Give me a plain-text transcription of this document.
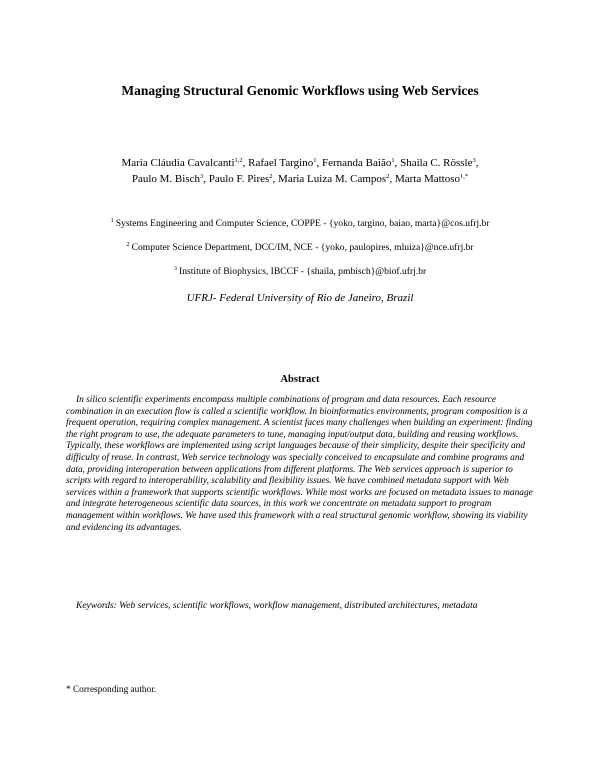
Managing Structural Genomic Workflows using Web Services
Maria Cláudia Cavalcanti$^{1,2}$, Rafael Targino$^1$, Fernanda Baião$^1$, Shaila C. Rössle$^3$,
Paulo M. Bisch$^3$, Paulo F. Pires$^2$, Maria Luiza M. Campos$^2$, Marta Mattoso$^{1,*}$
$^1$ Systems Engineering and Computer Science, COPPE - {yoko, targino, baiao, marta}@cos.ufrj.br
$^2$ Computer Science Department, DCC/IM, NCE - {yoko, paulopires, mluiza}@nce.ufrj.br
$^3$ Institute of Biophysics, IBCCF - {shaila, pmbisch}@biof.ufrj.br
UFRJ- Federal University of Rio de Janeiro, Brazil
Abstract

In silico scientific experiments encompass multiple combinations of program and data resources. Each resource combination in an execution flow is called a scientific workflow. In bioinformatics environments, program composition is a frequent operation, requiring complex management. A scientist faces many challenges when building an experiment: finding the right program to use, the adequate parameters to tune, managing input/output data, building and reusing workflows. Typically, these workflows are implemented using script languages because of their simplicity, despite their specificity and difficulty of reuse. In contrast, Web service technology was specially conceived to encapsulate and combine programs and data, providing interoperation between applications from different platforms. The Web services approach is superior to scripts with regard to interoperability, scalability and flexibility issues. We have combined metadata support with Web services within a framework that supports scientific workflows. While most works are focused on metadata issues to manage and integrate heterogeneous scientific data sources, in this work we concentrate on metadata support to program management within workflows. We have used this framework with a real structural genomic workflow, showing its viability and evidencing its advantages.

Keywords: Web services, scientific workflows, workflow management, distributed architectures, metadata

* Corresponding author.
